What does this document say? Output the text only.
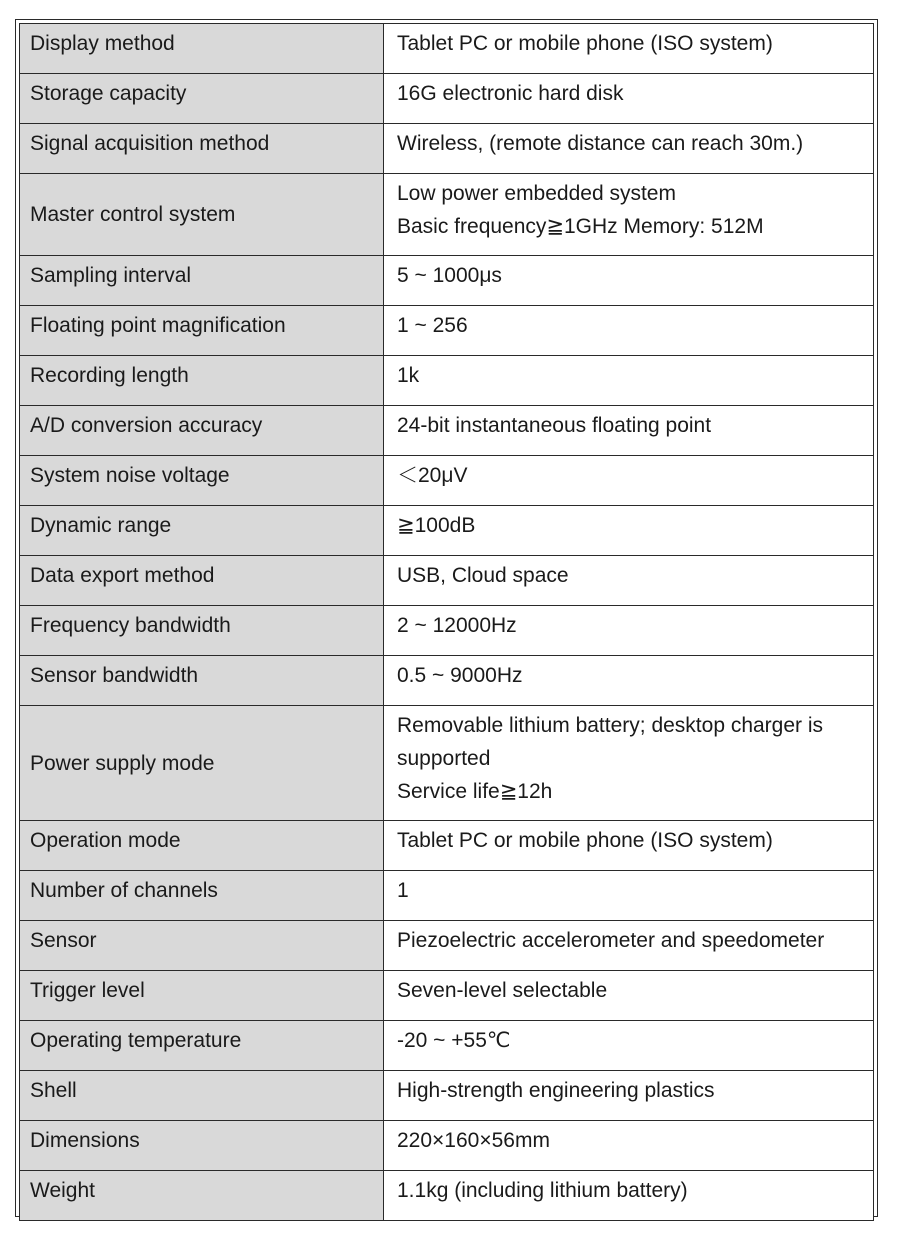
Display method	Tablet PC or mobile phone (ISO system)

Storage capacity	16G electronic hard disk

Signal acquisition method	Wireless, (remote distance can reach 30m.)

Master control system	Low power embedded system
Basic frequency≧1GHz Memory: 512M

Sampling interval	5 ~ 1000μs

Floating point magnification	1 ~ 256

Recording length	1k

A/D conversion accuracy	24-bit instantaneous floating point

System noise voltage	＜20μV

Dynamic range	≧100dB

Data export method	USB, Cloud space

Frequency bandwidth	2 ~ 12000Hz

Sensor bandwidth	0.5 ~ 9000Hz

Power supply mode	Removable lithium battery; desktop charger is supported
Service life≧12h

Operation mode	Tablet PC or mobile phone (ISO system)

Number of channels	1

Sensor	Piezoelectric accelerometer and speedometer

Trigger level	Seven-level selectable

Operating temperature	-20 ~ +55℃

Shell	High-strength engineering plastics

Dimensions	220×160×56mm

Weight	1.1kg (including lithium battery)
